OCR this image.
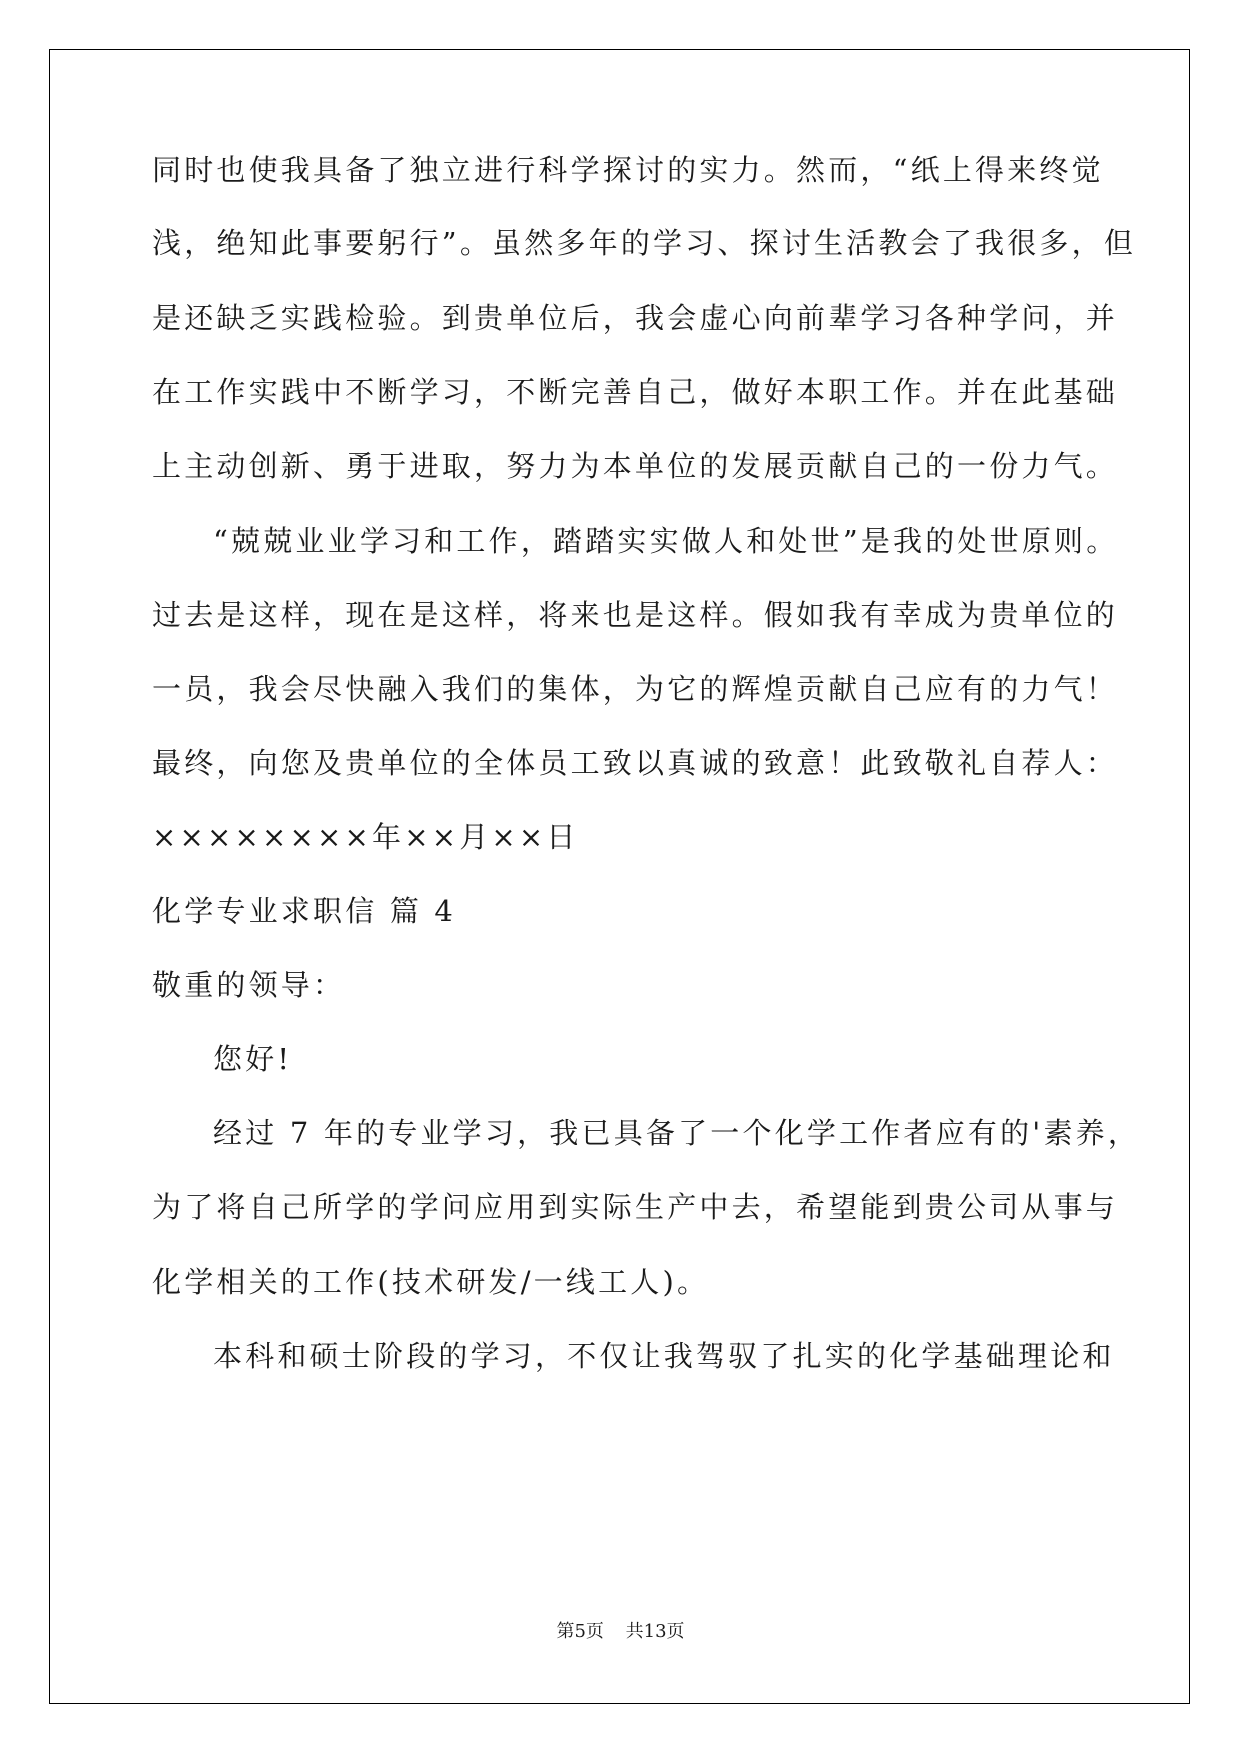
同时也使我具备了独立进行科学探讨的实力。然而，“纸上得来终觉
浅，绝知此事要躬行”。虽然多年的学习、探讨生活教会了我很多，但
是还缺乏实践检验。到贵单位后，我会虚心向前辈学习各种学问，并
在工作实践中不断学习，不断完善自己，做好本职工作。并在此基础
上主动创新、勇于进取，努力为本单位的发展贡献自己的一份力气。
“兢兢业业学习和工作，踏踏实实做人和处世”是我的处世原则。
过去是这样，现在是这样，将来也是这样。假如我有幸成为贵单位的
一员，我会尽快融入我们的集体，为它的辉煌贡献自己应有的力气！
最终，向您及贵单位的全体员工致以真诚的致意！此致敬礼自荐人：
××××××××年××月××日
化学专业求职信 篇 4
敬重的领导：
您好!
经过 7 年的专业学习，我已具备了一个化学工作者应有的'素养，
为了将自己所学的学问应用到实际生产中去，希望能到贵公司从事与
化学相关的工作(技术研发/一线工人)。
本科和硕士阶段的学习，不仅让我驾驭了扎实的化学基础理论和
第5页 共13页
